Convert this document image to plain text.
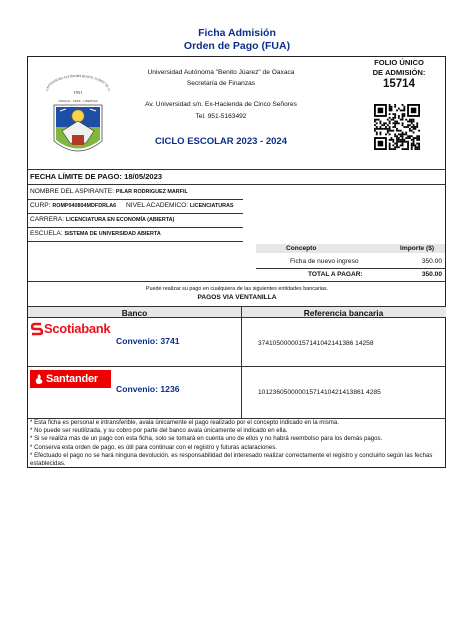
Ficha Admisión
Orden de Pago (FUA)
UNIVERSIDAD AUTÓNOMA BENITO JUÁREZ DE O
1951
CIENCIA · ARTE · LIBERTAD
Universidad Autónoma "Benito Júarez" de Oaxaca
Secretaría de Finanzas
Av. Universidad s/n. Ex-Hacienda de Cinco Señores
Tel. 951-5163492
CICLO ESCOLAR 2023 - 2024
FOLIO ÚNICO
DE ADMISIÓN:
15714
FECHA LÍMITE DE PAGO: 18/05/2023
NOMBRE DEL ASPIRANTE: PILAR RODRIGUEZ MARFIL
CURP: ROMP040804MDFDRLA6 NIVEL ACADEMICO: LICENCIATURAS
CARRERA: LICENCIATURA EN ECONOMÍA (ABIERTA)
ESCUELA: SISTEMA DE UNIVERSIDAD ABIERTA
Concepto	Importe ($)
Ficha de nuevo ingreso	350.00
TOTAL A PAGAR:	350.00
Puede realizar su pago en cualquiera de las siguientes entidades bancarias.
PAGOS VIA VENTANILLA
Banco	Referencia bancaria
Scotiabank
Convenio: 3741	37410500000157141042141386 14258
Santander
Convenio: 1236	10123605000001571410421413861 4285
* Esta ficha es personal e intransferible, avala únicamente el pago realizado por el concepto indicado en la misma.
* No puede ser reutilizada, y su cobro por parte del banco avala únicamente el indicado en ella.
* Si se realiza más de un pago con esta ficha, solo se tomará en cuenta uno de ellos y no habrá reembolso para los demás pagos.
* Conserva esta orden de pago, es útil para continuar con el registro y futuras aclaraciones.
* Efectuado el pago no se hará ninguna devolución. es responsabilidad del interesado realizar correctamente el registro y concluirlo según las fechas establecidas.
